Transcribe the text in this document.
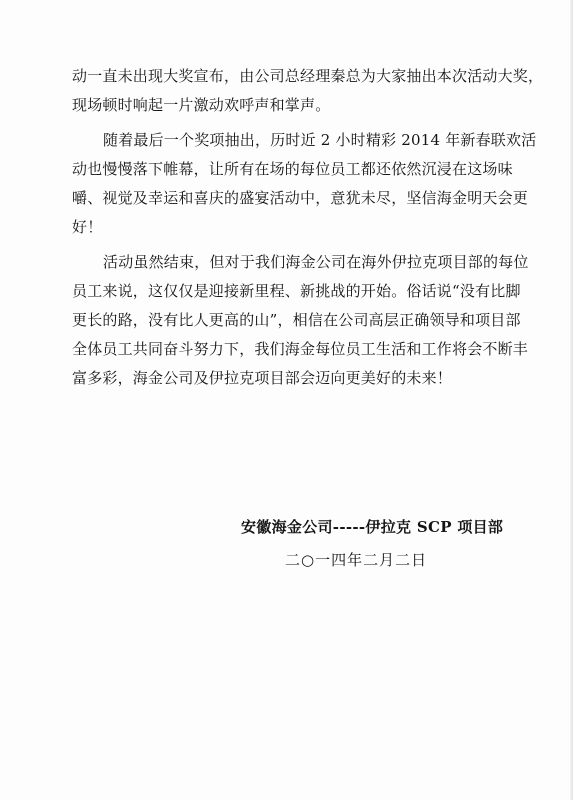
动一直未出现大奖宣布，由公司总经理秦总为大家抽出本次活动大奖，
现场顿时响起一片激动欢呼声和掌声。
随着最后一个奖项抽出，历时近 2 小时精彩 2014 年新春联欢活
动也慢慢落下帷幕，让所有在场的每位员工都还依然沉浸在这场味
嚼、视觉及幸运和喜庆的盛宴活动中，意犹未尽，坚信海金明天会更
好！
活动虽然结束，但对于我们海金公司在海外伊拉克项目部的每位
员工来说，这仅仅是迎接新里程、新挑战的开始。俗话说“没有比脚
更长的路，没有比人更高的山”，相信在公司高层正确领导和项目部
全体员工共同奋斗努力下，我们海金每位员工生活和工作将会不断丰
富多彩，海金公司及伊拉克项目部会迈向更美好的未来！
安徽海金公司-----伊拉克 SCP 项目部
二○一四年二月二日
